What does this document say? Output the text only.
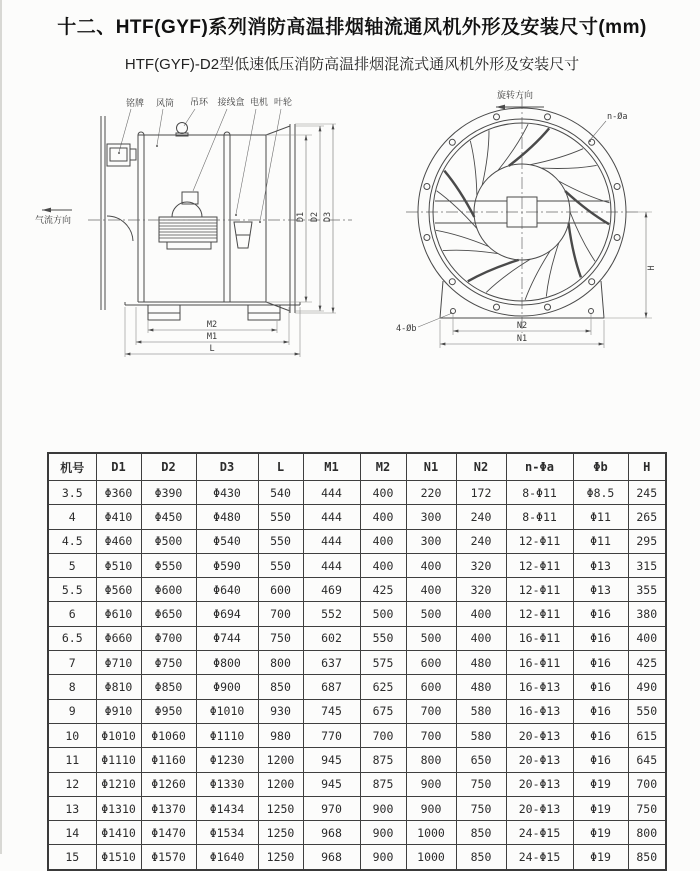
十二、HTF(GYF)系列消防高温排烟轴流通风机外形及安装尺寸(mm)
HTF(GYF)-D2型低速低压消防高温排烟混流式通风机外形及安装尺寸
铭牌 风筒 吊环 接线盒 电机 叶轮
气流方向
M2
M1
L
D1 D2 D3
旋转方向
n-Øa
4-Øb	N2
N1
H
机号	D1	D2	D3	L	M1	M2	N1	N2	n-Φa	Φb	H
3.5	Φ360	Φ390	Φ430	540	444	400	220	172	8-Φ11	Φ8.5	245
4	Φ410	Φ450	Φ480	550	444	400	300	240	8-Φ11	Φ11	265
4.5	Φ460	Φ500	Φ540	550	444	400	300	240	12-Φ11	Φ11	295
5	Φ510	Φ550	Φ590	550	444	400	400	320	12-Φ11	Φ13	315
5.5	Φ560	Φ600	Φ640	600	469	425	400	320	12-Φ11	Φ13	355
6	Φ610	Φ650	Φ694	700	552	500	500	400	12-Φ11	Φ16	380
6.5	Φ660	Φ700	Φ744	750	602	550	500	400	16-Φ11	Φ16	400
7	Φ710	Φ750	Φ800	800	637	575	600	480	16-Φ11	Φ16	425
8	Φ810	Φ850	Φ900	850	687	625	600	480	16-Φ13	Φ16	490
9	Φ910	Φ950	Φ1010	930	745	675	700	580	16-Φ13	Φ16	550
10	Φ1010	Φ1060	Φ1110	980	770	700	700	580	20-Φ13	Φ16	615
11	Φ1110	Φ1160	Φ1230	1200	945	875	800	650	20-Φ13	Φ16	645
12	Φ1210	Φ1260	Φ1330	1200	945	875	900	750	20-Φ13	Φ19	700
13	Φ1310	Φ1370	Φ1434	1250	970	900	900	750	20-Φ13	Φ19	750
14	Φ1410	Φ1470	Φ1534	1250	968	900	1000	850	24-Φ15	Φ19	800
15	Φ1510	Φ1570	Φ1640	1250	968	900	1000	850	24-Φ15	Φ19	850
